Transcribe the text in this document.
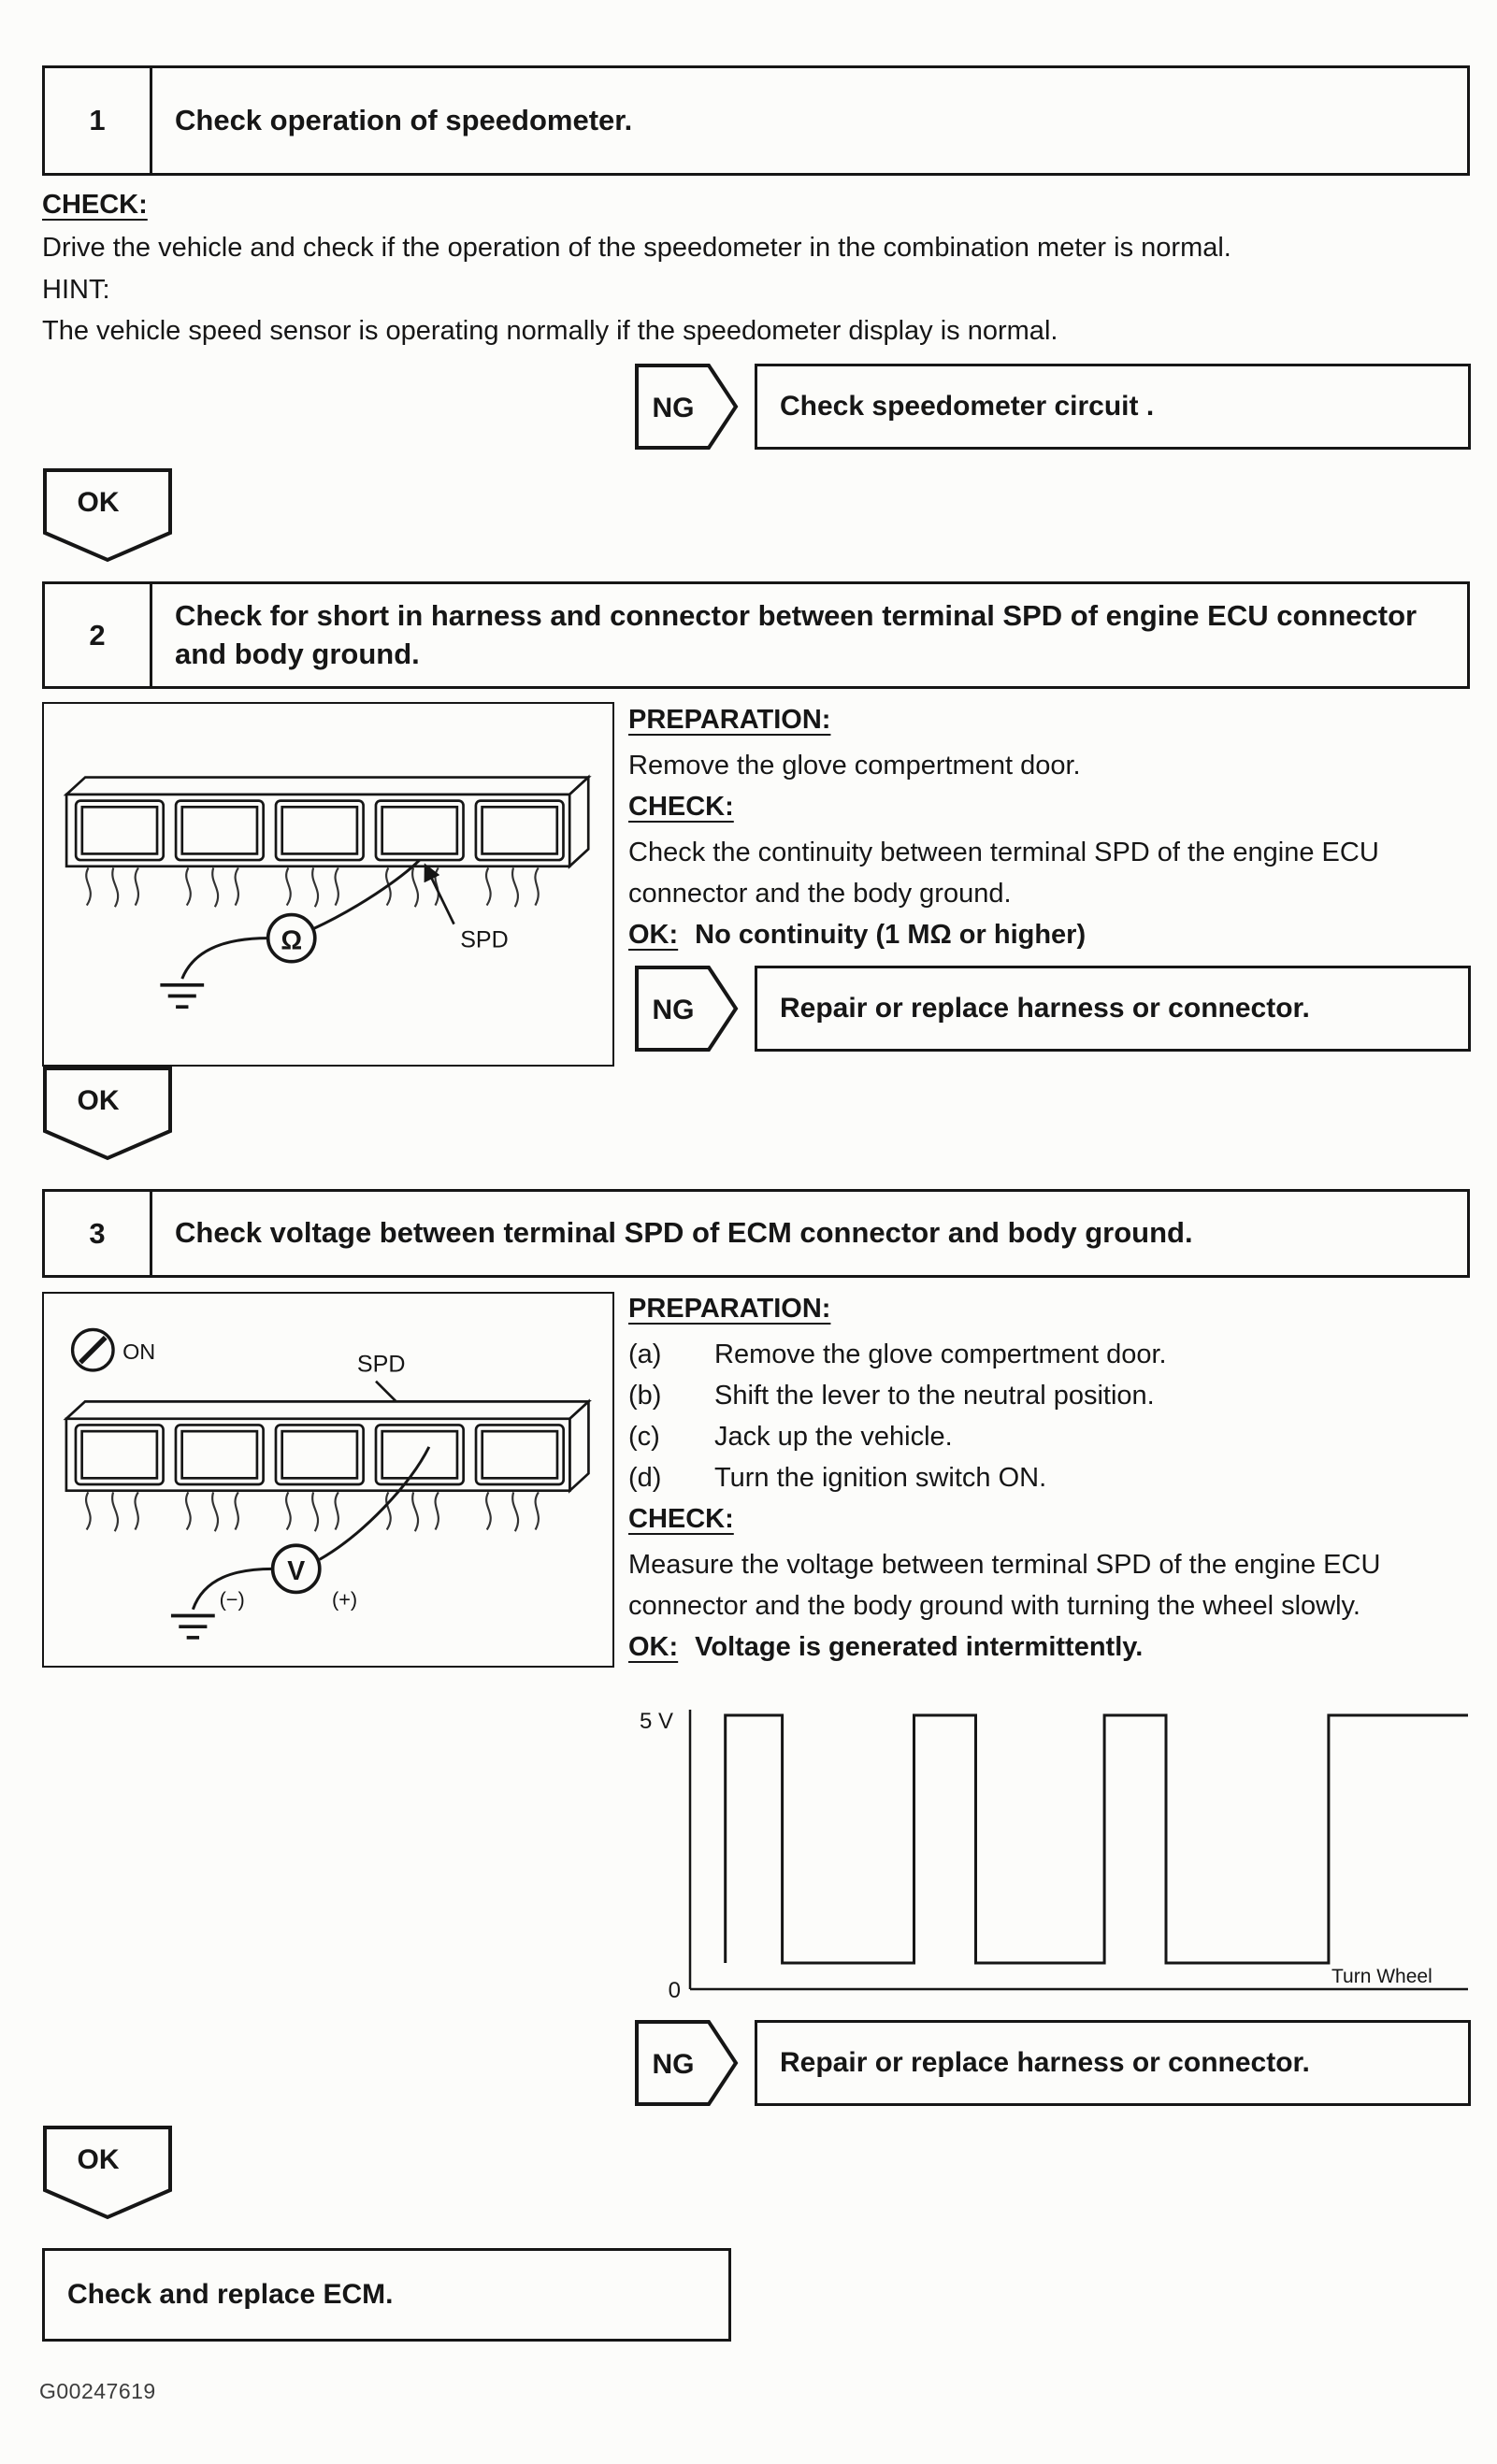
1	Check operation of speedometer.
CHECK:
Drive the vehicle and check if the operation of the speedometer in the combination meter is normal.
HINT:
The vehicle speed sensor is operating normally if the speedometer display is normal.
NG	Check speedometer circuit .
OK
2
Check for short in harness and connector between terminal SPD of engine ECU connector and body ground.
Ω	SPD
PREPARATION:
Remove the glove compertment door.
CHECK:
Check the continuity between terminal SPD of the engine ECU connector and the body ground.
OK: No continuity (1 MΩ or higher)
NG	Repair or replace harness or connector.
OK
3	Check voltage between terminal SPD of ECM connector and body ground.
ON	SPD
V
(−)	(+)
PREPARATION:
(a)	Remove the glove compertment door.
(b)	Shift the lever to the neutral position.
(c)	Jack up the vehicle.
(d)	Turn the ignition switch ON.
CHECK:
Measure the voltage between terminal SPD of the engine ECU connector and the body ground with turning the wheel slowly.
OK: Voltage is generated intermittently.
5 V
0
Turn Wheel
NG	Repair or replace harness or connector.
OK
Check and replace ECM.
G00247619
